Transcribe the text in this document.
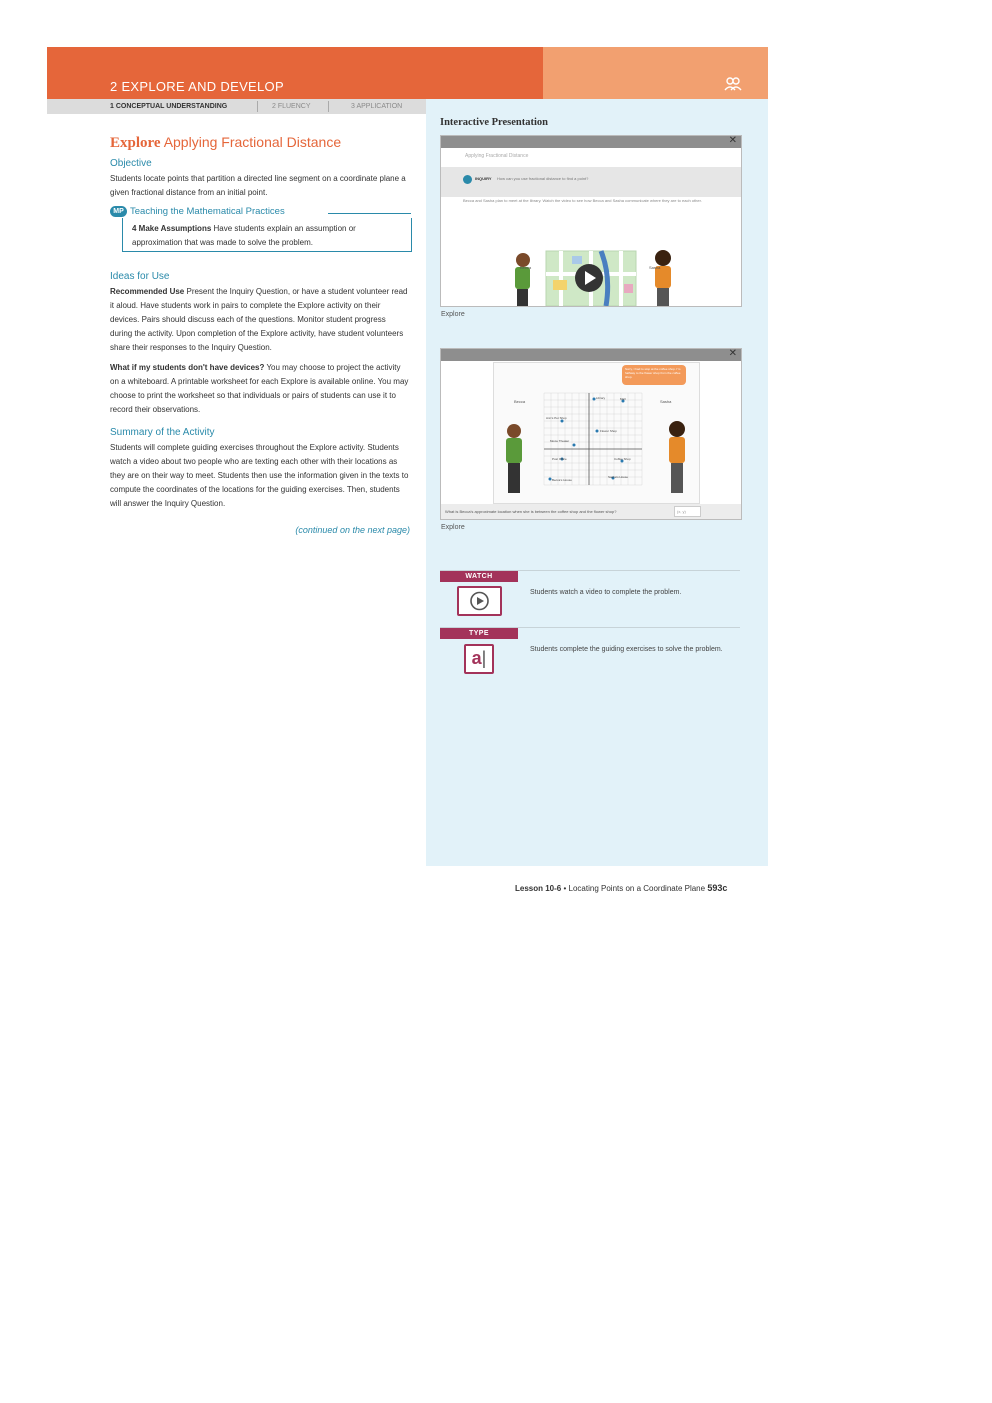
2 EXPLORE AND DEVELOP
1 CONCEPTUAL UNDERSTANDING	2 FLUENCY	3 APPLICATION
Explore Applying Fractional Distance
Objective

Students locate points that partition a directed line segment on a coordinate plane a given fractional distance from an initial point.

MP Teaching the Mathematical Practices
4 Make Assumptions Have students explain an assumption or approximation that was made to solve the problem.
Ideas for Use

Recommended Use Present the Inquiry Question, or have a student volunteer read it aloud. Have students work in pairs to complete the Explore activity on their devices. Pairs should discuss each of the questions. Monitor student progress during the activity. Upon completion of the Explore activity, have student volunteers share their responses to the Inquiry Question.

What if my students don't have devices? You may choose to project the activity on a whiteboard. A printable worksheet for each Explore is available online. You may choose to print the worksheet so that individuals or pairs of students can use it to record their observations.

Summary of the Activity

Students will complete guiding exercises throughout the Explore activity. Students watch a video about two people who are texting each other with their locations as they are on their way to meet. Students then use the information given in the texts to compute the coordinates of the locations for the guiding exercises. Then, students will answer the Inquiry Question.

(continued on the next page)
Interactive Presentation
✕
Applying Fractional Distance
INQUIRY How can you use fractional distance to find a point?
Becca and Sasha plan to meet at the library. Watch the video to see how Becca and Sasha communicate where they are to each other.
Becca	Sasha
Explore
✕
Sorry, I had to stop at the coffee shop. I'm halfway to the flower shop from the coffee shop.
Becca	Sasha
Library	Mall
Ann's Pet Shop
Flower Shop
Movie Theater
Post Office	Coffee Shop
Becca's House
Sasha's House
What is Becca's approximate location when she is between the coffee shop and the flower shop?	(x, y)
Explore
WATCH
Students watch a video to complete the problem.
TYPE
a|	Students complete the guiding exercises to solve the problem.
Lesson 10-6 • Locating Points on a Coordinate Plane 593c
